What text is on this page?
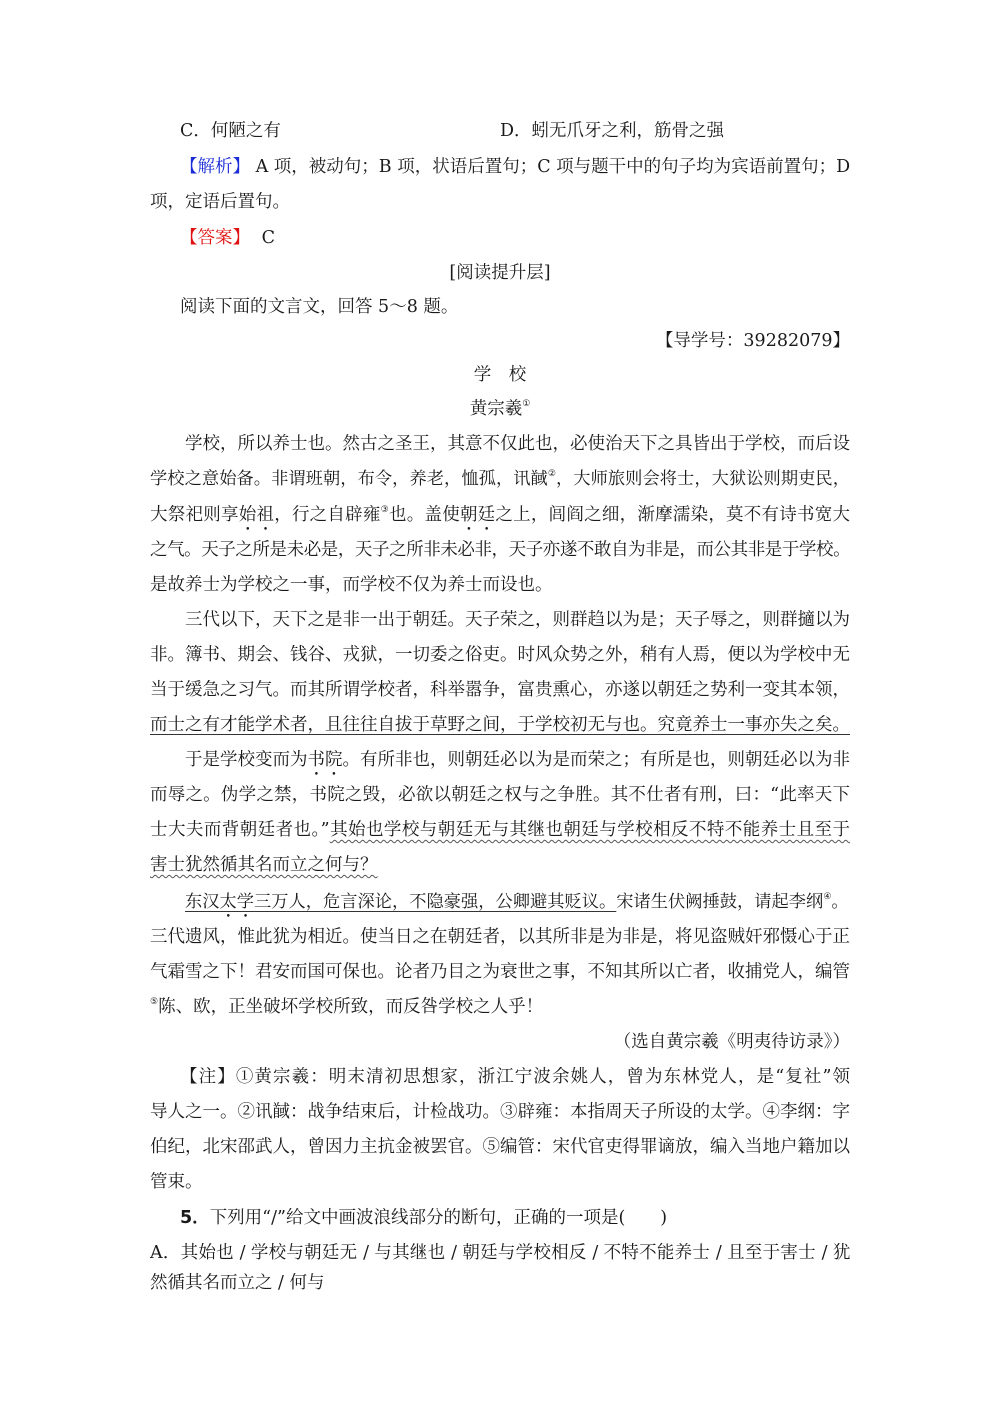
C．何陋之有	D．蚓无爪牙之利，筋骨之强
【解析】 A 项，被动句；B 项，状语后置句；C 项与题干中的句子均为宾语前置句；D
项，定语后置句。
【答案】 C
[阅读提升层]
阅读下面的文言文，回答 5～8 题。
【导学号：39282079】
学　校
黄宗羲①
学校，所以养士也。然古之圣王，其意不仅此也，必使治天下之具皆出于学校，而后设
学校之意始备。非谓班朝，布令，养老，恤孤，讯馘②，大师旅则会将士，大狱讼则期吏民，
大祭祀则享始祖，行之自辟雍③也。盖使朝廷之上，闾阎之细，渐摩濡染，莫不有诗书宽大
之气。天子之所是未必是，天子之所非未必非，天子亦遂不敢自为非是，而公其非是于学校。
是故养士为学校之一事，而学校不仅为养士而设也。
三代以下，天下之是非一出于朝廷。天子荣之，则群趋以为是；天子辱之，则群擿以为
非。簿书、期会、钱谷、戎狱，一切委之俗吏。时风众势之外，稍有人焉，便以为学校中无
当于缓急之习气。而其所谓学校者，科举嚣争，富贵熏心，亦遂以朝廷之势利一变其本领，
而士之有才能学术者，且往往自拔于草野之间，于学校初无与也。究竟养士一事亦失之矣。
于是学校变而为书院。有所非也，则朝廷必以为是而荣之；有所是也，则朝廷必以为非
而辱之。伪学之禁，书院之毁，必欲以朝廷之权与之争胜。其不仕者有刑，曰：“此率天下
士大夫而背朝廷者也。”其始也学校与朝廷无与其继也朝廷与学校相反不特不能养士且至于
害士犹然循其名而立之何与？
东汉太学三万人，危言深论，不隐豪强，公卿避其贬议。宋诸生伏阙捶鼓，请起李纲④。
三代遗风，惟此犹为相近。使当日之在朝廷者，以其所非是为非是，将见盗贼奸邪慑心于正
气霜雪之下！君安而国可保也。论者乃目之为衰世之事，不知其所以亡者，收捕党人，编管
⑤陈、欧，正坐破坏学校所致，而反咎学校之人乎！
（选自黄宗羲《明夷待访录》）
【注】①黄宗羲：明末清初思想家，浙江宁波余姚人，曾为东林党人，是“复社”领
导人之一。②讯馘：战争结束后，计检战功。③辟雍：本指周天子所设的太学。④李纲：字
伯纪，北宋邵武人，曾因力主抗金被罢官。⑤编管：宋代官吏得罪谪放，编入当地户籍加以
管束。
5．下列用“/”给文中画波浪线部分的断句，正确的一项是(　　)
A．其始也 / 学校与朝廷无 / 与其继也 / 朝廷与学校相反 / 不特不能养士 / 且至于害士 / 犹
然循其名而立之 / 何与
